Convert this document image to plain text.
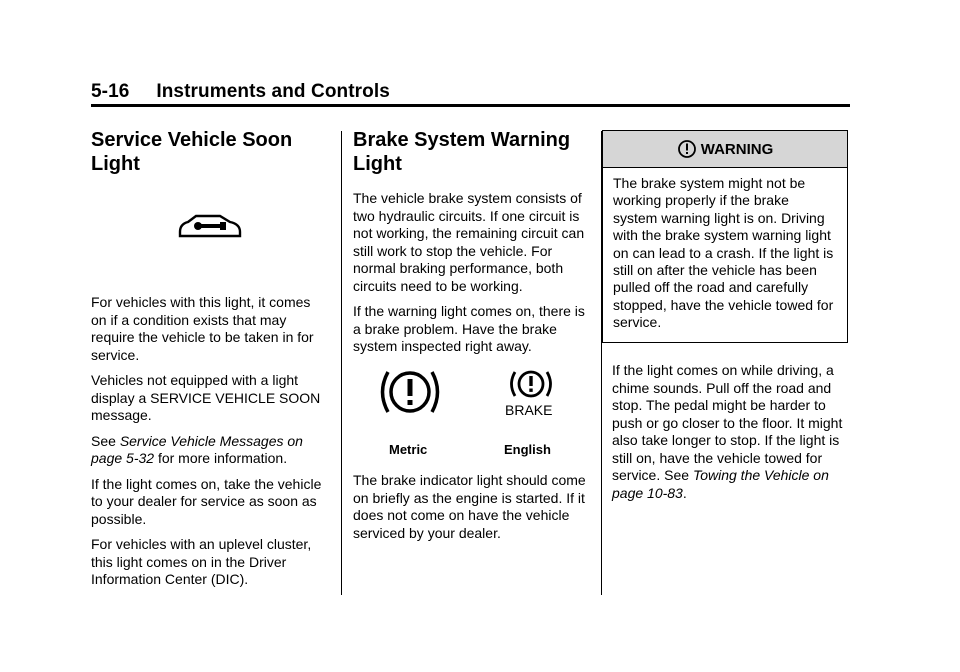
5-16     Instruments and Controls
Service Vehicle Soon Light

For vehicles with this light, it comes on if a condition exists that may require the vehicle to be taken in for service.

Vehicles not equipped with a light display a SERVICE VEHICLE SOON message.

See Service Vehicle Messages on page 5-32 for more information.

If the light comes on, take the vehicle to your dealer for service as soon as possible.

For vehicles with an uplevel cluster, this light comes on in the Driver Information Center (DIC).

Brake System Warning Light

The vehicle brake system consists of two hydraulic circuits. If one circuit is not working, the remaining circuit can still work to stop the vehicle. For normal braking performance, both circuits need to be working.

If the warning light comes on, there is a brake problem. Have the brake system inspected right away.

BRAKE
Metric	English

The brake indicator light should come on briefly as the engine is started. If it does not come on have the vehicle serviced by your dealer.

WARNING

The brake system might not be working properly if the brake system warning light is on. Driving with the brake system warning light on can lead to a crash. If the light is still on after the vehicle has been pulled off the road and carefully stopped, have the vehicle towed for service.

If the light comes on while driving, a chime sounds. Pull off the road and stop. The pedal might be harder to push or go closer to the floor. It might also take longer to stop. If the light is still on, have the vehicle towed for service. See Towing the Vehicle on page 10-83.
